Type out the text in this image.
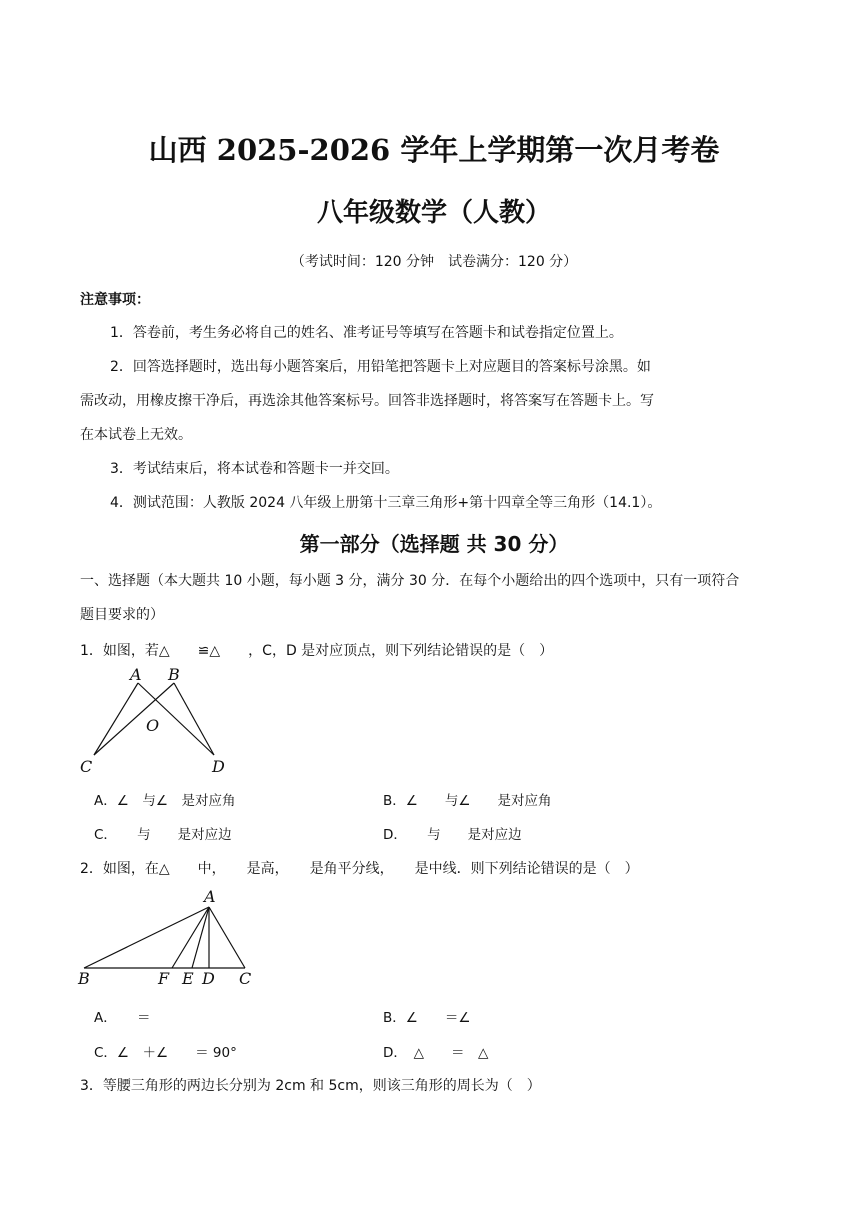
山西 2025-2026 学年上学期第一次月考卷
八年级数学（人教）
（考试时间：120 分钟　试卷满分：120 分）
注意事项：
1．答卷前，考生务必将自己的姓名、准考证号等填写在答题卡和试卷指定位置上。
2．回答选择题时，选出每小题答案后，用铅笔把答题卡上对应题目的答案标号涂黑。如
需改动，用橡皮擦干净后，再选涂其他答案标号。回答非选择题时，将答案写在答题卡上。写
在本试卷上无效。
3．考试结束后，将本试卷和答题卡一并交回。
4．测试范围：人教版 2024 八年级上册第十三章三角形+第十四章全等三角形（14.1）。
第一部分（选择题 共 30 分）
一、选择题（本大题共 10 小题，每小题 3 分，满分 30 分．在每个小题给出的四个选项中，只有一项符合
题目要求的）
1．如图，若△　　≌△　　，C，D 是对应顶点，则下列结论错误的是（　）
A B
O
C	D
A．∠　与∠　是对应角	B．∠　　与∠　　是对应角
C．　　与　　是对应边	D．　　与　　是对应边
2．如图，在△　　中，　　是高，　　是角平分线，　　是中线．则下列结论错误的是（　）
A
B	F E D C
A．　　＝	B．∠　　＝∠
C．∠　＋∠　　＝ 90°	D．　△　　＝　△
3．等腰三角形的两边长分别为 2cm 和 5cm，则该三角形的周长为（　）
